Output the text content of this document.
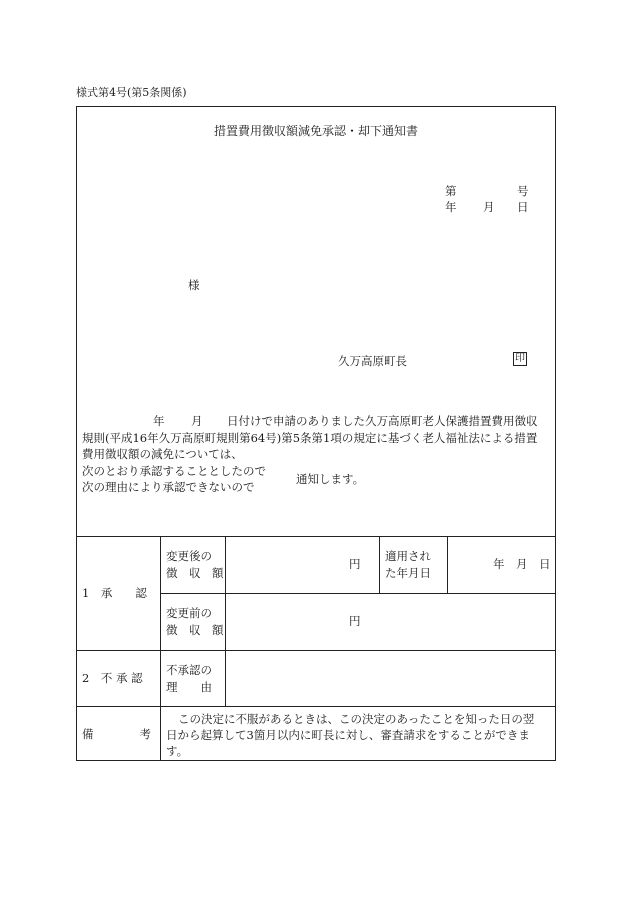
様式第4号(第5条関係)
措置費用徴収額減免承認・却下通知書
第	号
年 月 日
様
久万高原町長	印
年 月 日付けで申請のありました久万高原町老人保護措置費用徴収
規則(平成16年久万高原町規則第64号)第5条第1項の規定に基づく老人福祉法による措置
費用徴収額の減免については、
次のとおり承認することとしたので
次の理由により承認できないので
通知します。
1　承　　認
変更後の
徴　収　額
円
適用され
た年月日
年　月　日
変更前の
徴　収　額
円
2　不 承 認
不承認の
理　　由
備　　　　考
この決定に不服があるときは、この決定のあったことを知った日の翌
日から起算して3箇月以内に町長に対し、審査請求をすることができま
す。
